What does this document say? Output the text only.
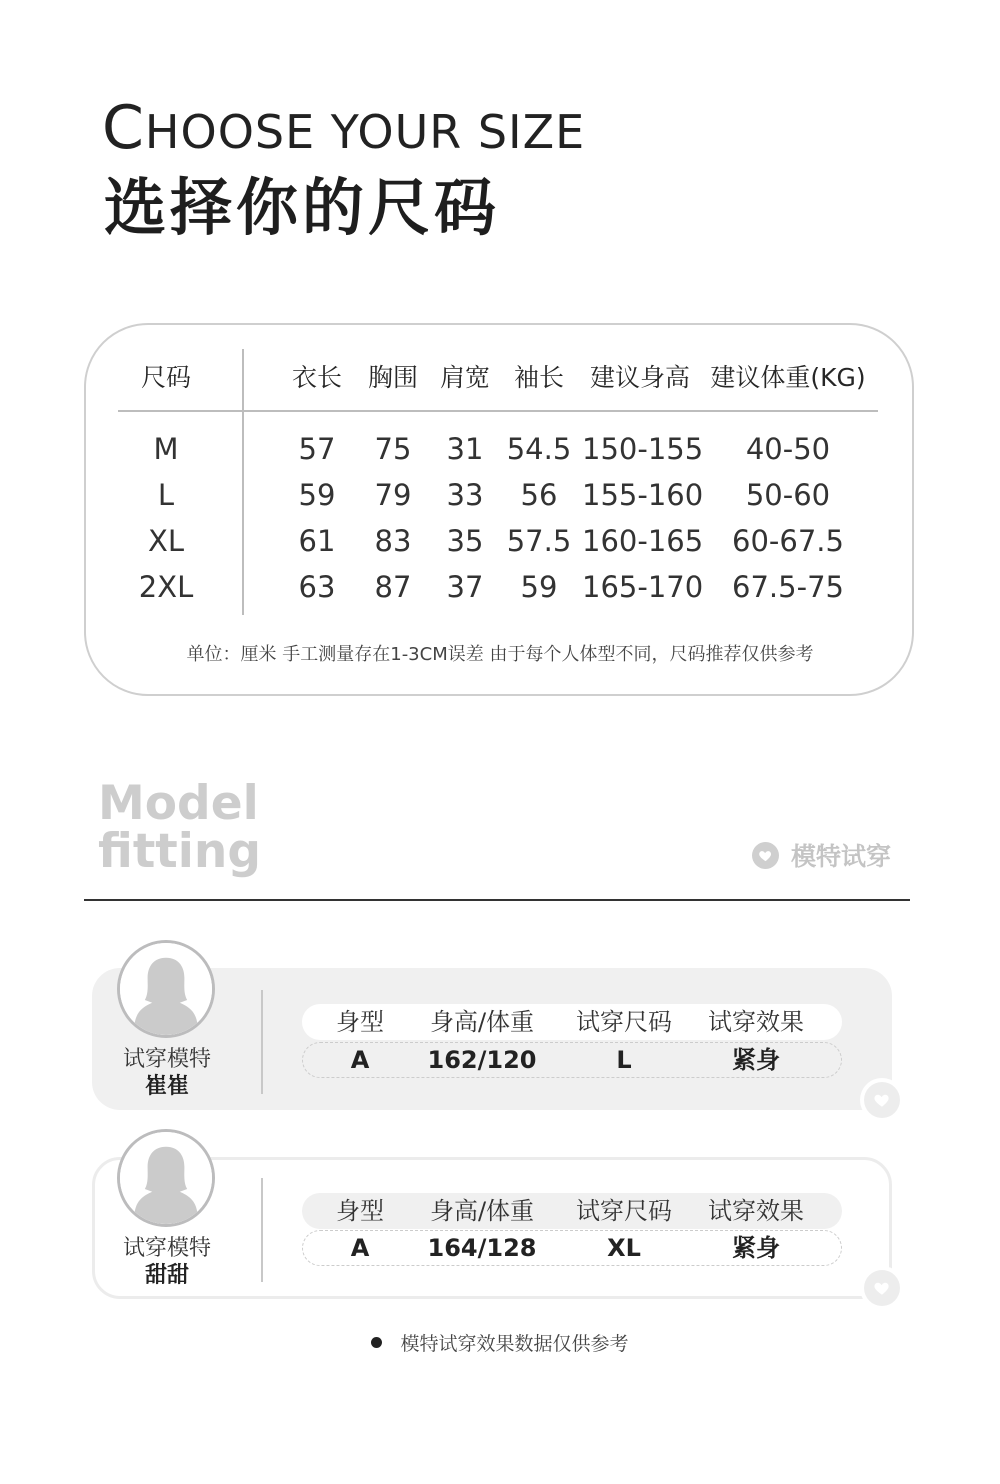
CHOOSE YOUR SIZE
选择你的尺码
尺码	衣长	胸围 肩宽 袖长	建议身高 建议体重(KG)
M	57	75	31 54.5 150-155	40-50
L	59	79	33	56 155-160	50-60
XL	61	83	35 57.5 160-165 60-67.5
2XL	63	87	37	59 165-170 67.5-75
单位：厘米 手工测量存在1-3CM误差 由于每个人体型不同，尺码推荐仅供参考
Model
fitting	模特试穿
试穿模特
崔崔
身型	身高/体重	试穿尺码	试穿效果
A	162/120	L	紧身
试穿模特
甜甜
身型	身高/体重	试穿尺码	试穿效果
A	164/128	XL	紧身
模特试穿效果数据仅供参考
